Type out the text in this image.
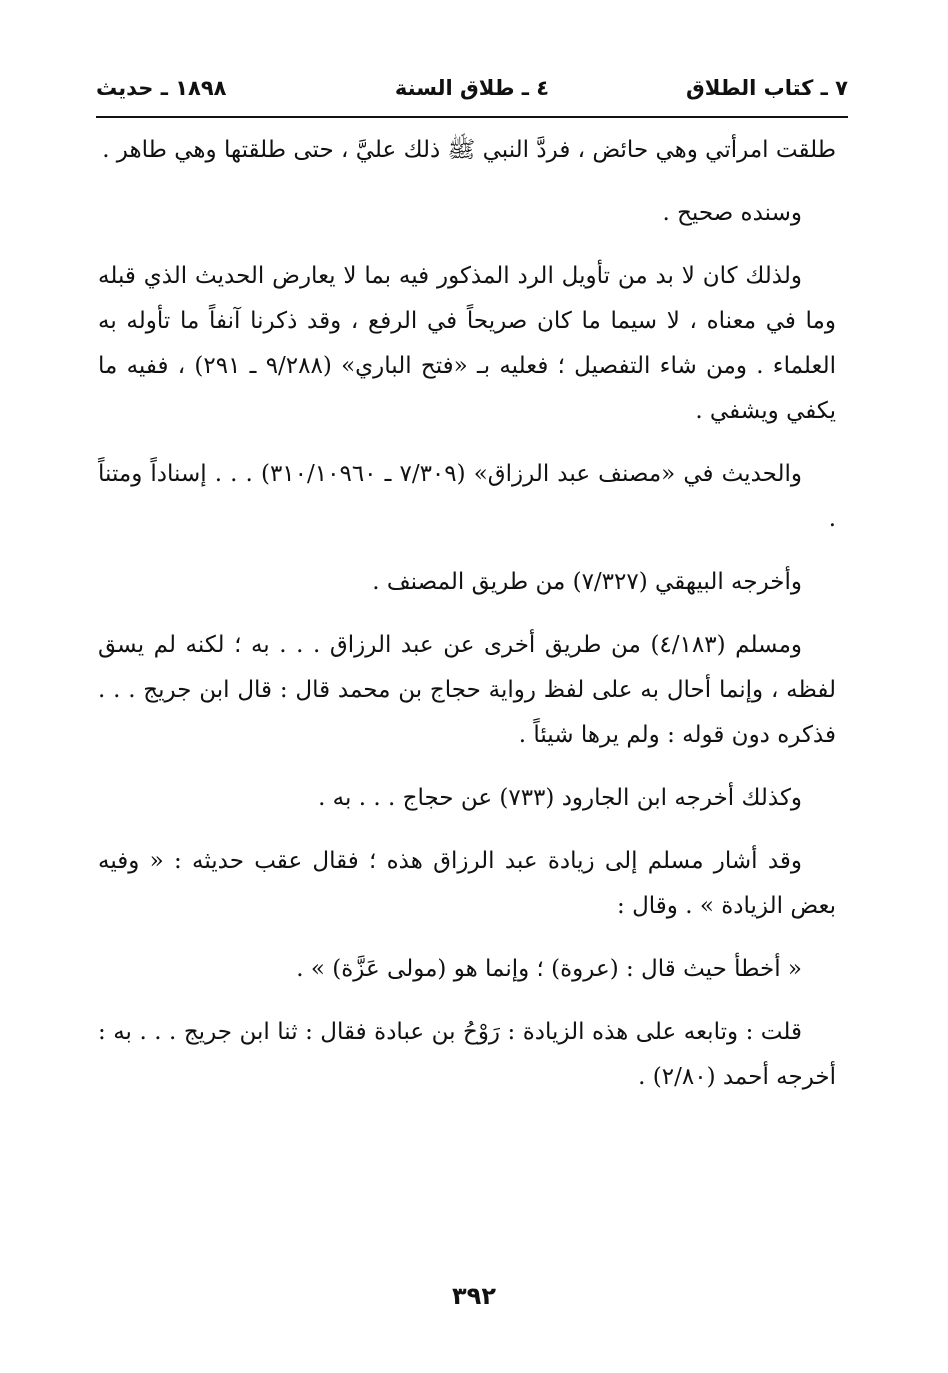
٧ ـ كتاب الطلاق
٤ ـ طلاق السنة
١٨٩٨ ـ حديث

طلقت امرأتي وهي حائض ، فردَّ النبي ﷺ ذلك عليَّ ، حتى طلقتها وهي طاهر .

وسنده صحيح .

ولذلك كان لا بد من تأويل الرد المذكور فيه بما لا يعارض الحديث الذي قبله وما في معناه ، لا سيما ما كان صريحاً في الرفع ، وقد ذكرنا آنفاً ما تأوله به العلماء . ومن شاء التفصيل ؛ فعليه بـ «فتح الباري» (٩/٢٨٨ ـ ٢٩١) ، ففيه ما يكفي ويشفي .

والحديث في «مصنف عبد الرزاق» (٧/٣٠٩ ـ ٣١٠/١٠٩٦٠) . . . إسناداً ومتناً .

وأخرجه البيهقي (٧/٣٢٧) من طريق المصنف .

ومسلم (٤/١٨٣) من طريق أخرى عن عبد الرزاق . . . به ؛ لكنه لم يسق لفظه ، وإنما أحال به على لفظ رواية حجاج بن محمد قال : قال ابن جريج . . . فذكره دون قوله : ولم يرها شيئاً .

وكذلك أخرجه ابن الجارود (٧٣٣) عن حجاج . . . به .

وقد أشار مسلم إلى زيادة عبد الرزاق هذه ؛ فقال عقب حديثه : « وفيه بعض الزيادة » . وقال :

« أخطأ حيث قال : (عروة) ؛ وإنما هو (مولى عَزَّة) » .

قلت : وتابعه على هذه الزيادة : رَوْحُ بن عبادة فقال : ثنا ابن جريج . . . به : أخرجه أحمد (٢/٨٠) .

٣٩٢
